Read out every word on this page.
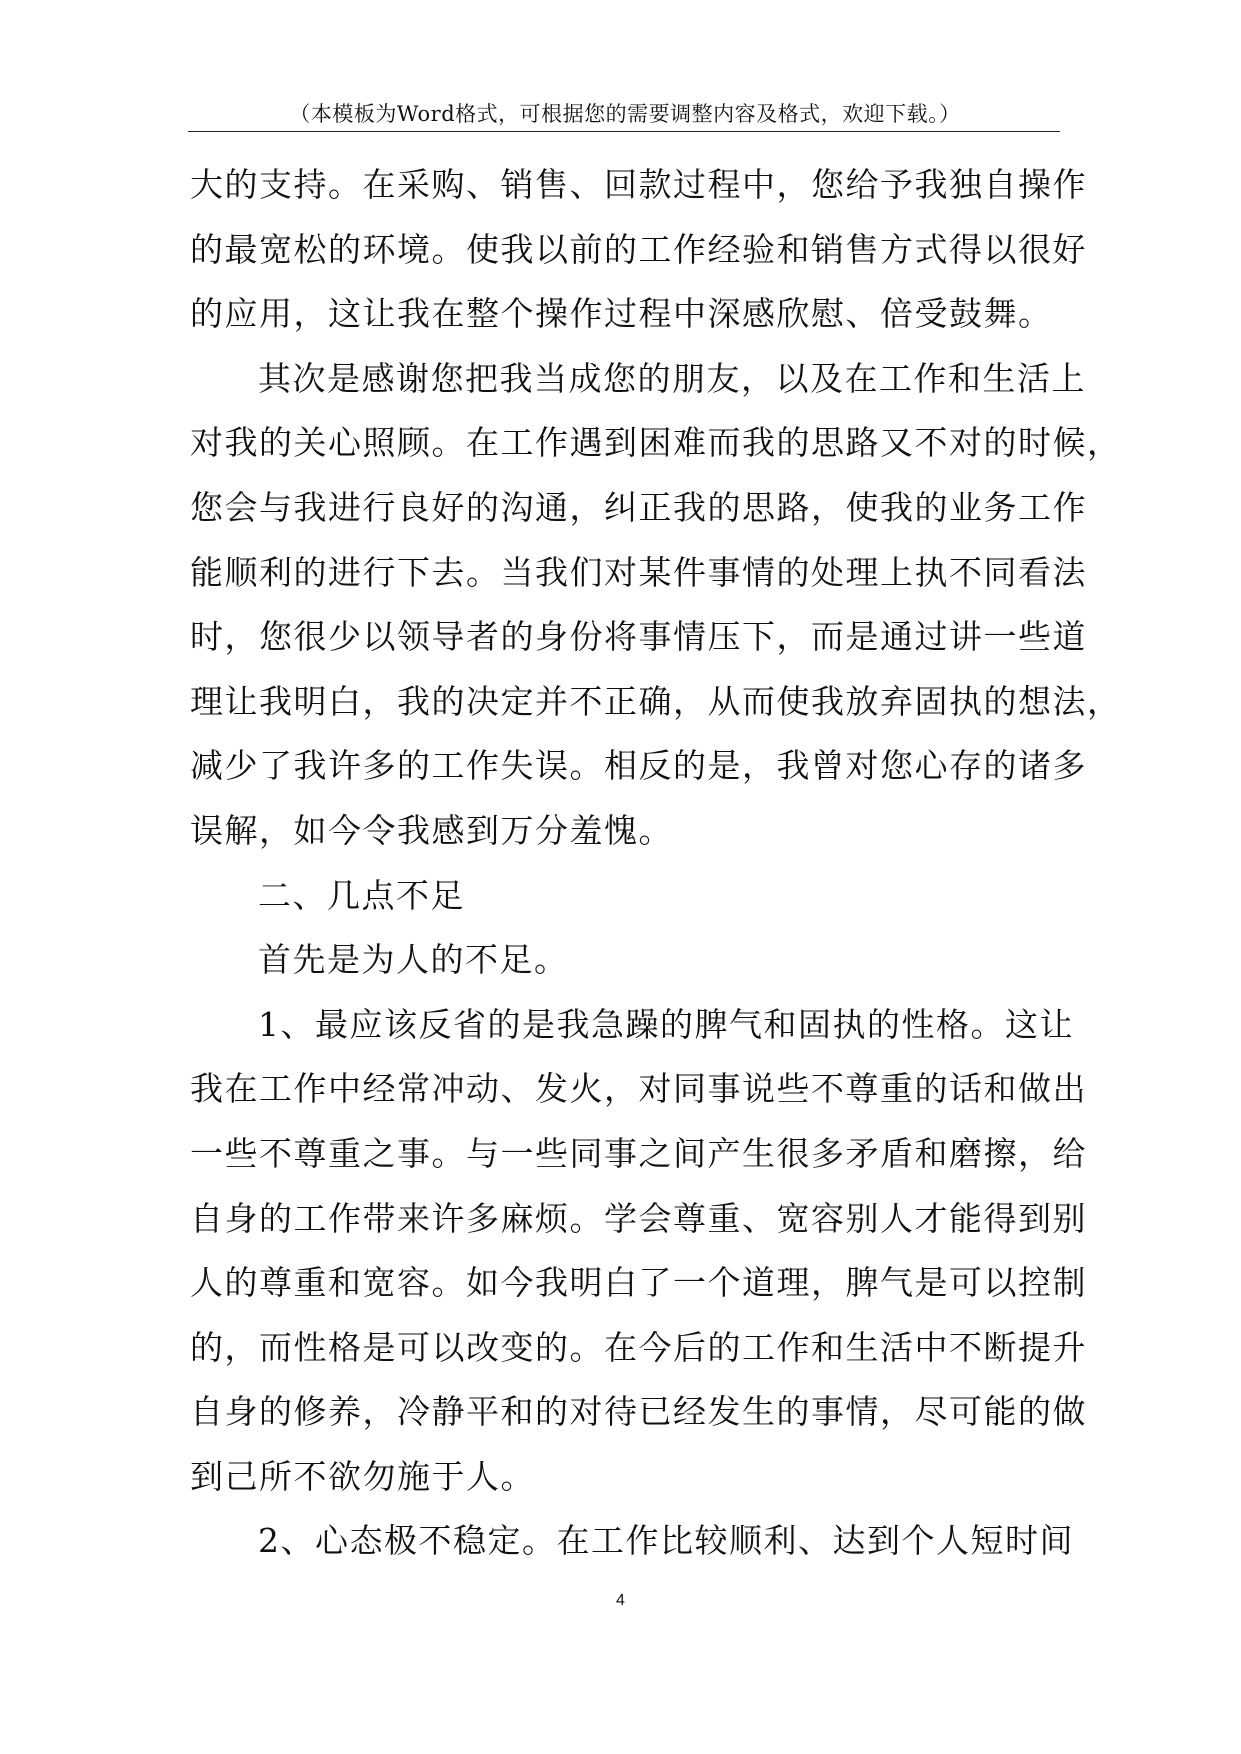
（本模板为Word格式，可根据您的需要调整内容及格式，欢迎下载。）
大的支持。在采购、销售、回款过程中，您给予我独自操作
的最宽松的环境。使我以前的工作经验和销售方式得以很好
的应用，这让我在整个操作过程中深感欣慰、倍受鼓舞。
其次是感谢您把我当成您的朋友，以及在工作和生活上
对我的关心照顾。在工作遇到困难而我的思路又不对的时候，
您会与我进行良好的沟通，纠正我的思路，使我的业务工作
能顺利的进行下去。当我们对某件事情的处理上执不同看法
时，您很少以领导者的身份将事情压下，而是通过讲一些道
理让我明白，我的决定并不正确，从而使我放弃固执的想法，
减少了我许多的工作失误。相反的是，我曾对您心存的诸多
误解，如今令我感到万分羞愧。
二、几点不足
首先是为人的不足。
1、最应该反省的是我急躁的脾气和固执的性格。这让
我在工作中经常冲动、发火，对同事说些不尊重的话和做出
一些不尊重之事。与一些同事之间产生很多矛盾和磨擦，给
自身的工作带来许多麻烦。学会尊重、宽容别人才能得到别
人的尊重和宽容。如今我明白了一个道理，脾气是可以控制
的，而性格是可以改变的。在今后的工作和生活中不断提升
自身的修养，冷静平和的对待已经发生的事情，尽可能的做
到己所不欲勿施于人。
2、心态极不稳定。在工作比较顺利、达到个人短时间
4
